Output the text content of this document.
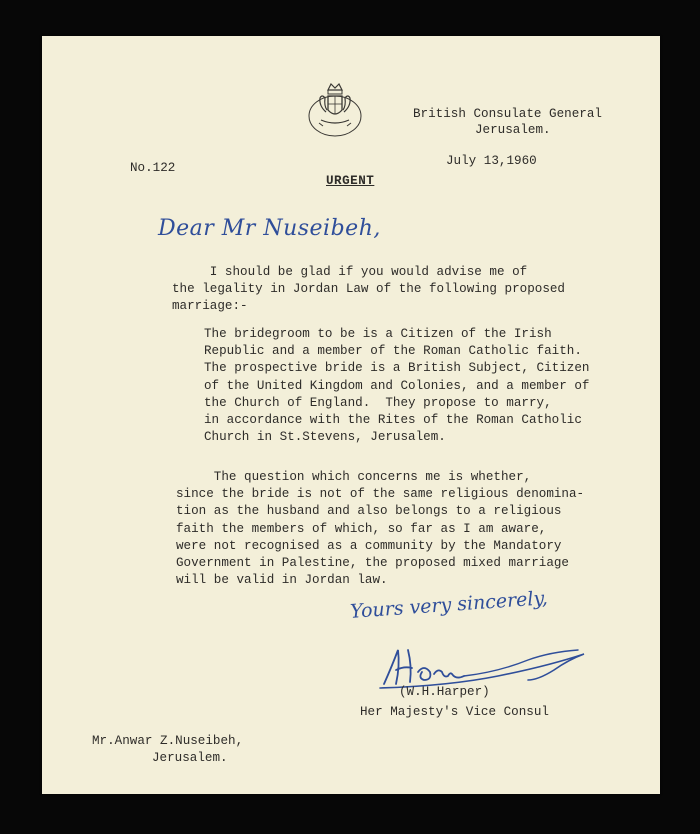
British Consulate General
Jerusalem.
No.122	July 13,1960
URGENT
Dear Mr Nuseibeh,
I should be glad if you would advise me of
the legality in Jordan Law of the following proposed
marriage:-
The bridegroom to be is a Citizen of the Irish
Republic and a member of the Roman Catholic faith.
The prospective bride is a British Subject, Citizen
of the United Kingdom and Colonies, and a member of
the Church of England.  They propose to marry,
in accordance with the Rites of the Roman Catholic
Church in St.Stevens, Jerusalem.
The question which concerns me is whether,
since the bride is not of the same religious denomina-
tion as the husband and also belongs to a religious
faith the members of which, so far as I am aware,
were not recognised as a community by the Mandatory
Government in Palestine, the proposed mixed marriage
will be valid in Jordan law.
Yours very sincerely,
(W.H.Harper)
Her Majesty's Vice Consul
Mr.Anwar Z.Nuseibeh,
Jerusalem.
